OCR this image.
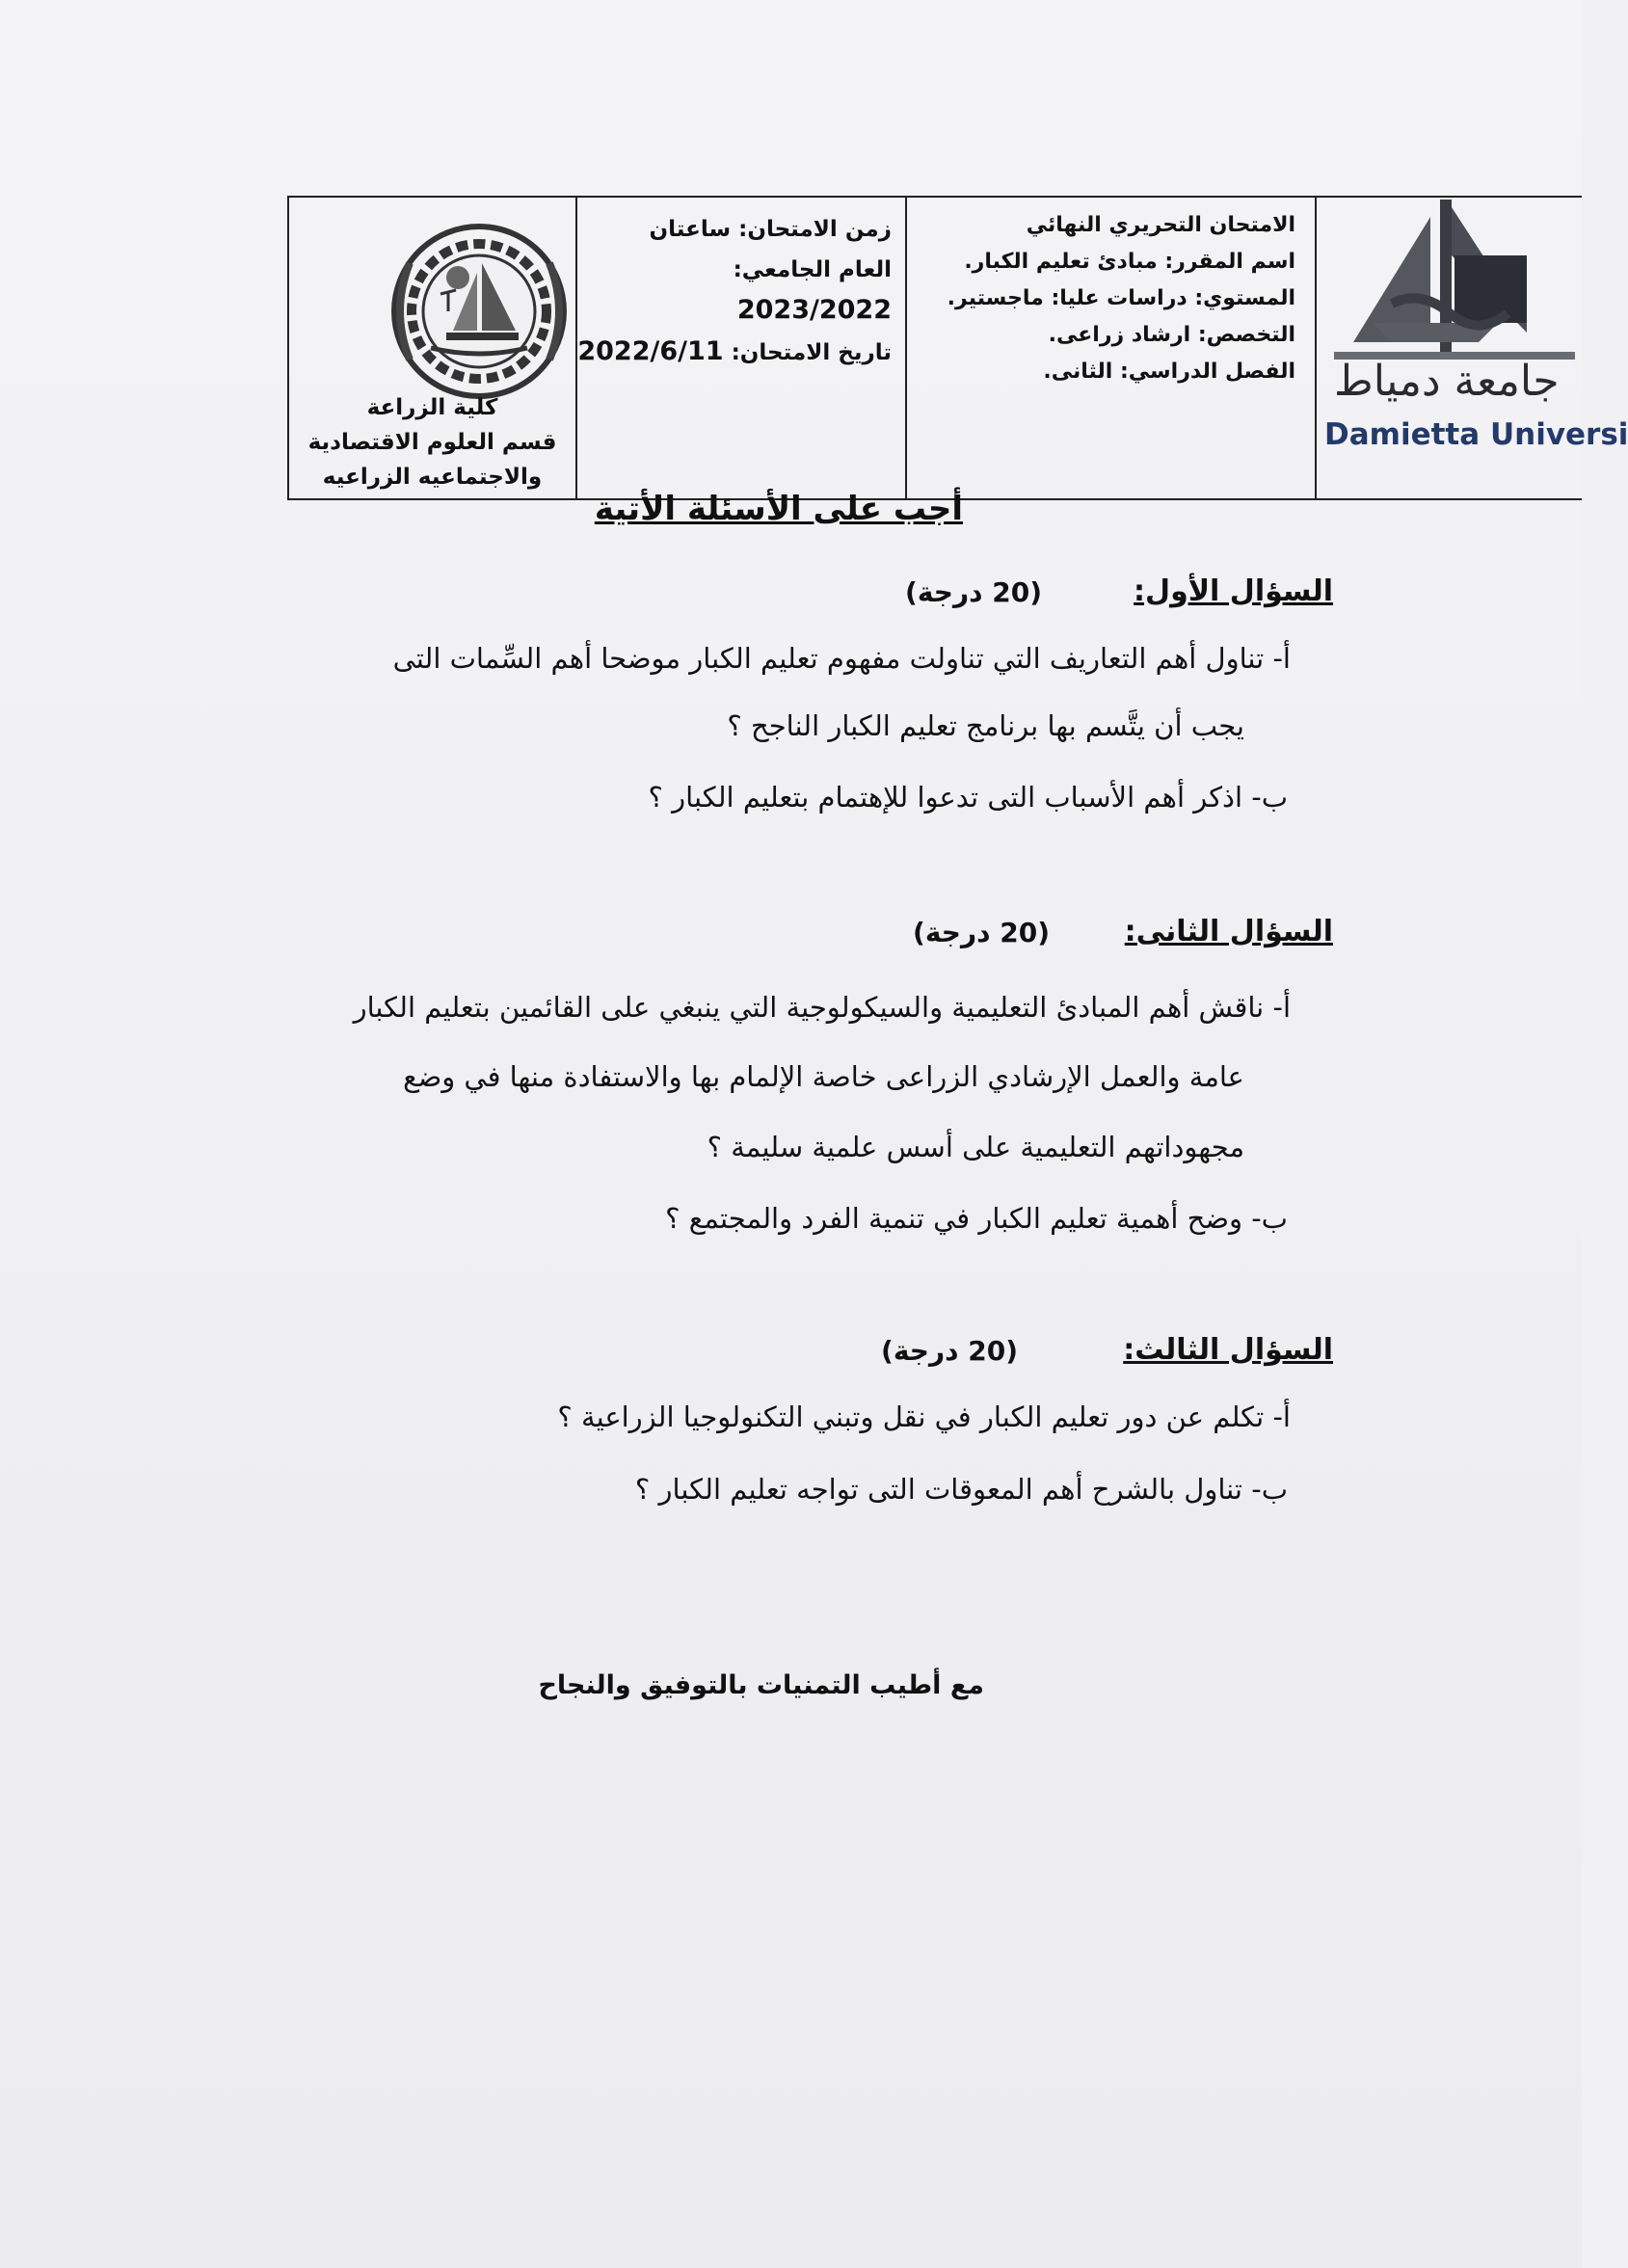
جامعة دمياط
Damietta Universi
الامتحان التحريري النهائي
اسم المقرر: مبادئ تعليم الكبار.
المستوي: دراسات عليا: ماجستير.
التخصص: ارشاد زراعى.
الفصل الدراسي: الثانى.
زمن الامتحان: ساعتان
العام الجامعي: 2023/2022
تاريخ الامتحان: 2022/6/11
كلية الزراعة
قسم العلوم الاقتصادية
والاجتماعيه الزراعيه
أجب على الأسئلة الأتية
السؤال الأول:
(20 درجة)
أ- تناول أهم التعاريف التي تناولت مفهوم تعليم الكبار موضحا أهم السِّمات التى
يجب أن يتَّسم بها برنامج تعليم الكبار الناجح ؟
ب- اذكر أهم الأسباب التى تدعوا للإهتمام بتعليم الكبار ؟
السؤال الثانى:
(20 درجة)
أ- ناقش أهم المبادئ التعليمية والسيكولوجية التي ينبغي على القائمين بتعليم الكبار
عامة والعمل الإرشادي الزراعى خاصة الإلمام بها والاستفادة منها في وضع
مجهوداتهم التعليمية على أسس علمية سليمة ؟
ب- وضح أهمية تعليم الكبار في تنمية الفرد والمجتمع ؟
السؤال الثالث:
(20 درجة)
أ- تكلم عن دور تعليم الكبار في نقل وتبني التكنولوجيا الزراعية ؟
ب- تناول بالشرح أهم المعوقات التى تواجه تعليم الكبار ؟
مع أطيب التمنيات بالتوفيق والنجاح
